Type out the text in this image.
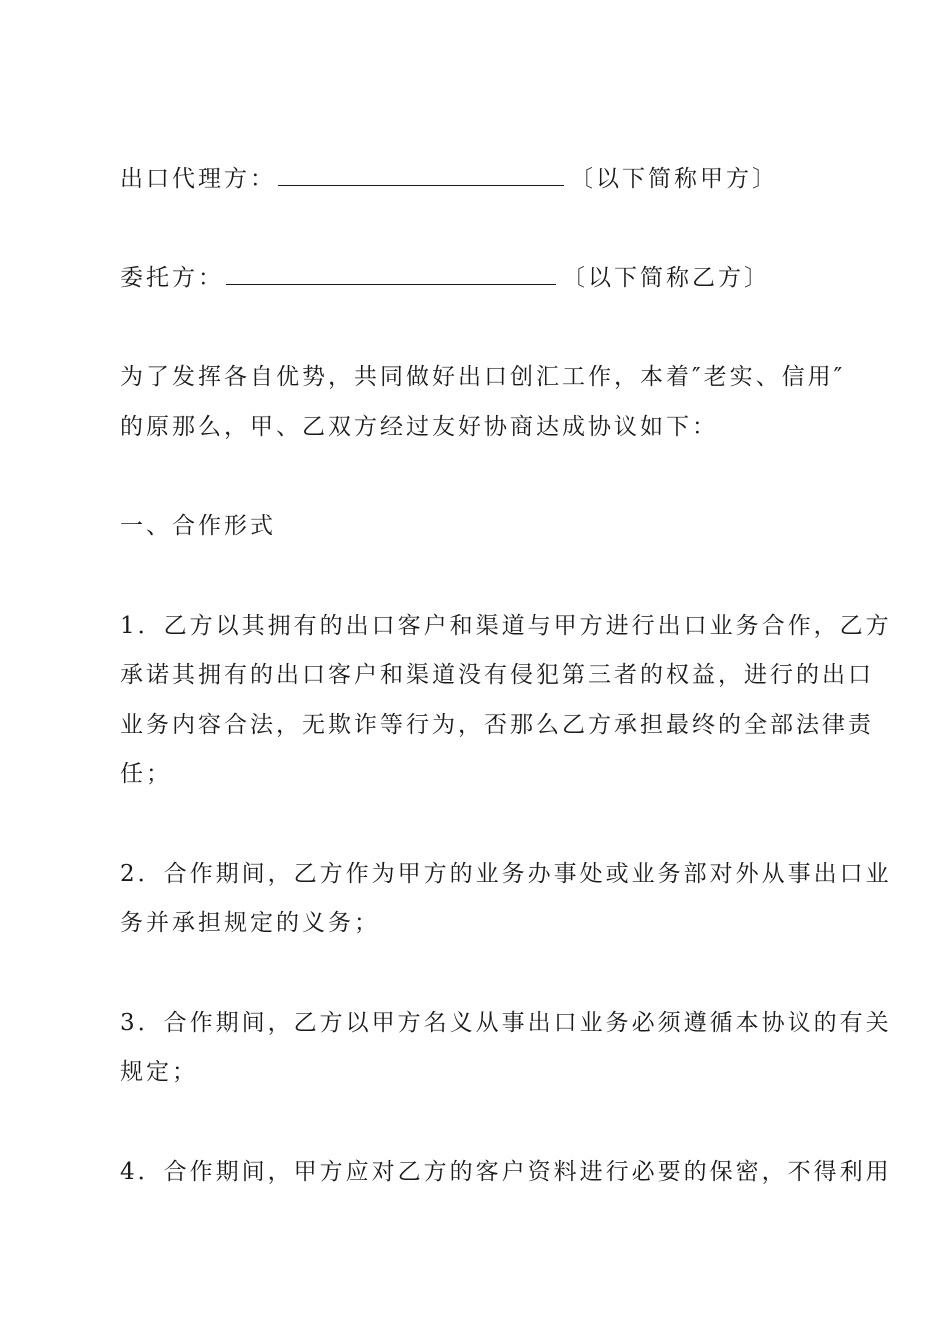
出口代理方：	〔以下简称甲方〕
委托方：	〔以下简称乙方〕
为了发挥各自优势，共同做好出口创汇工作，本着″老实、信用″
的原那么，甲、乙双方经过友好协商达成协议如下：
一、合作形式
1．乙方以其拥有的出口客户和渠道与甲方进行出口业务合作，乙方
承诺其拥有的出口客户和渠道没有侵犯第三者的权益，进行的出口
业务内容合法，无欺诈等行为，否那么乙方承担最终的全部法律责
任；
2．合作期间，乙方作为甲方的业务办事处或业务部对外从事出口业
务并承担规定的义务；
3．合作期间，乙方以甲方名义从事出口业务必须遵循本协议的有关
规定；
4．合作期间，甲方应对乙方的客户资料进行必要的保密，不得利用
